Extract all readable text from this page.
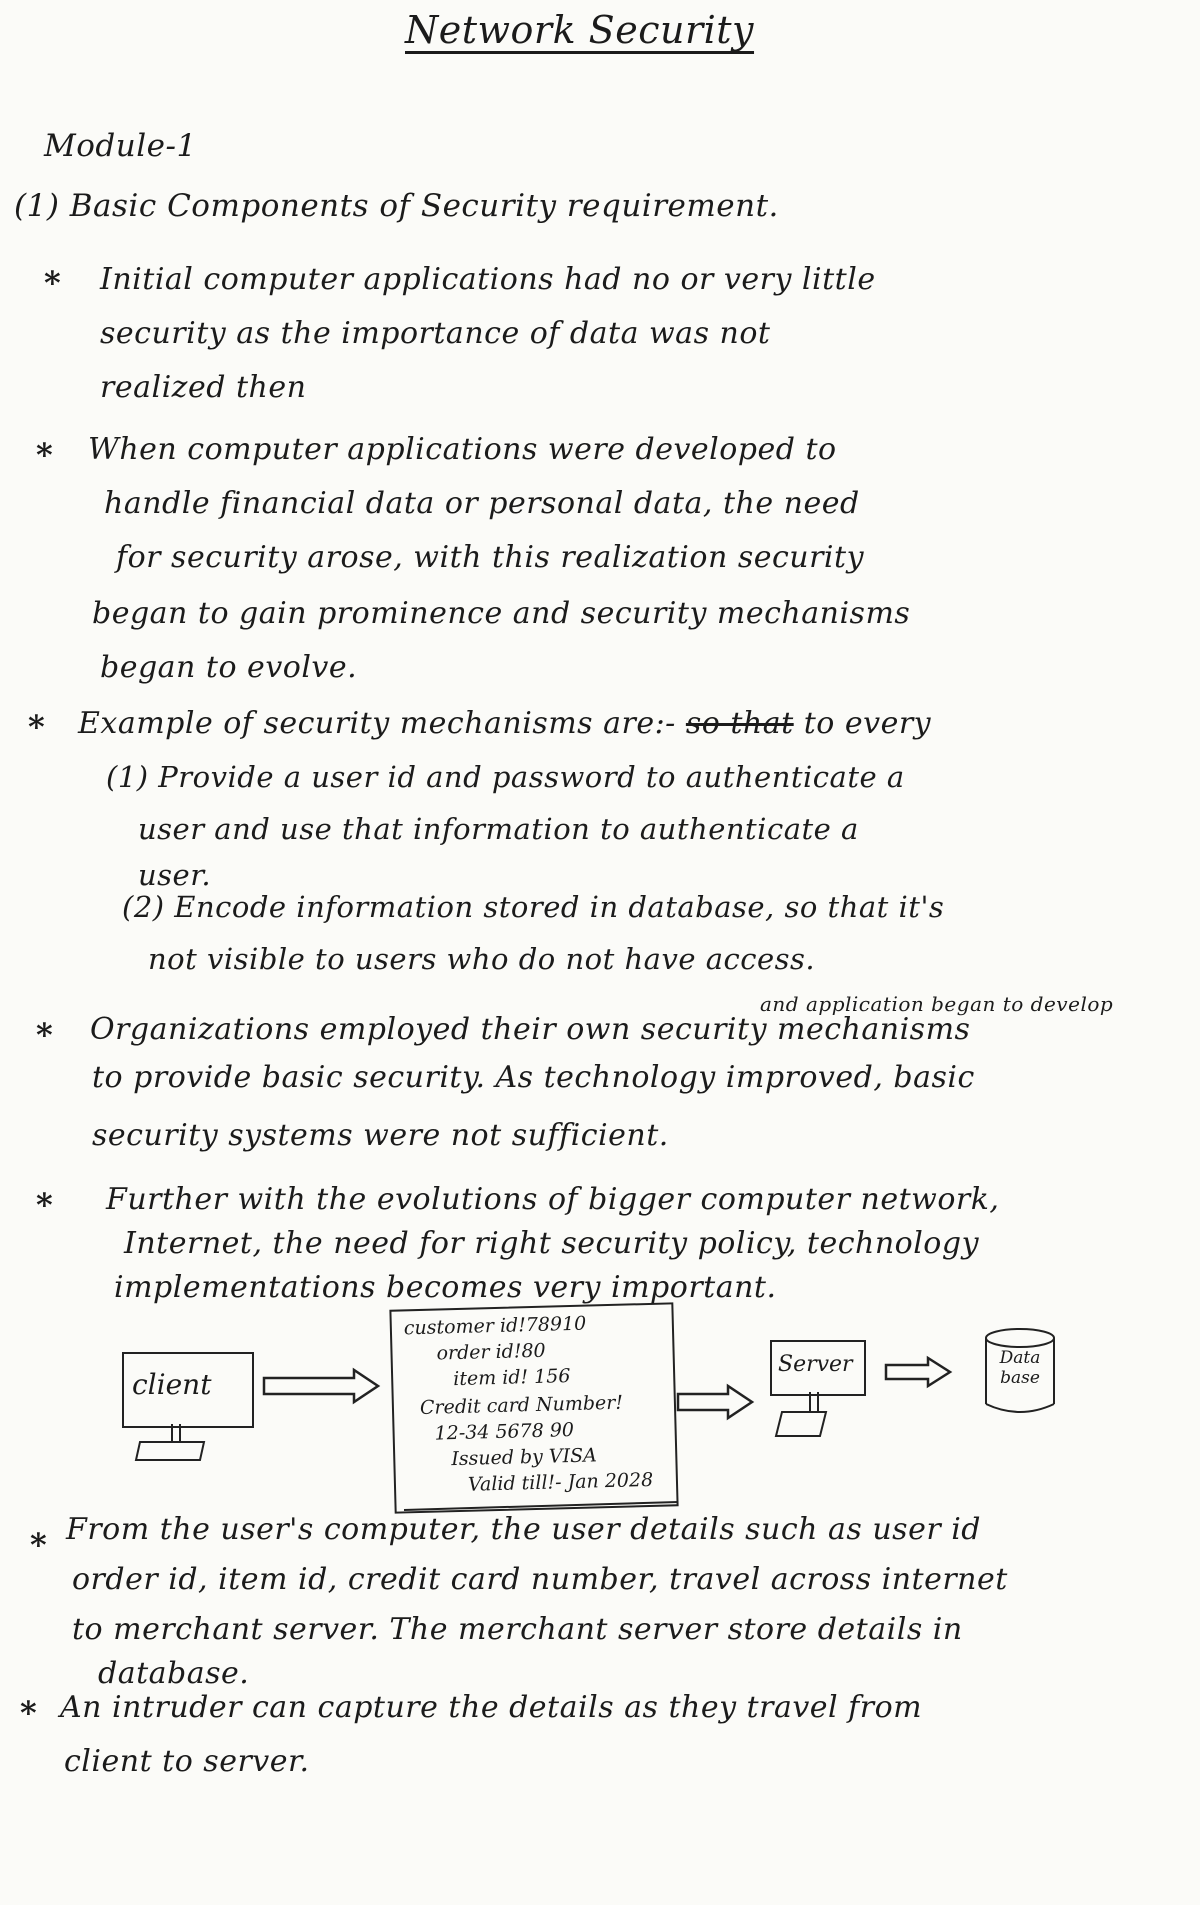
Network Security
Module-1
(1) Basic Components of Security requirement.
* Initial computer applications had no or very little
security as the importance of data was not
realized then
* When computer applications were developed to
handle financial data or personal data, the need
for security arose, with this realization security
began to gain prominence and security mechanisms
began to evolve.
* Example of security mechanisms are:- so that to every
(1) Provide a user id and password to authenticate a
user and use that information to authenticate a
user.
(2) Encode information stored in database, so that it's
not visible to users who do not have access.
and application began to develop
* Organizations employed their own security mechanisms
to provide basic security. As technology improved, basic
security systems were not sufficient.
* Further with the evolutions of bigger computer network,
Internet, the need for right security policy, technology
implementations becomes very important.
client
customer id!78910
order id!80
item id! 156
Credit card Number!
12-34 5678 90
Issued by VISA
Valid till!- Jan 2028
Server	Data base
* From the user's computer, the user details such as user id
order id, item id, credit card number, travel across internet
to merchant server. The merchant server store details in
database.
* An intruder can capture the details as they travel from
client to server.
